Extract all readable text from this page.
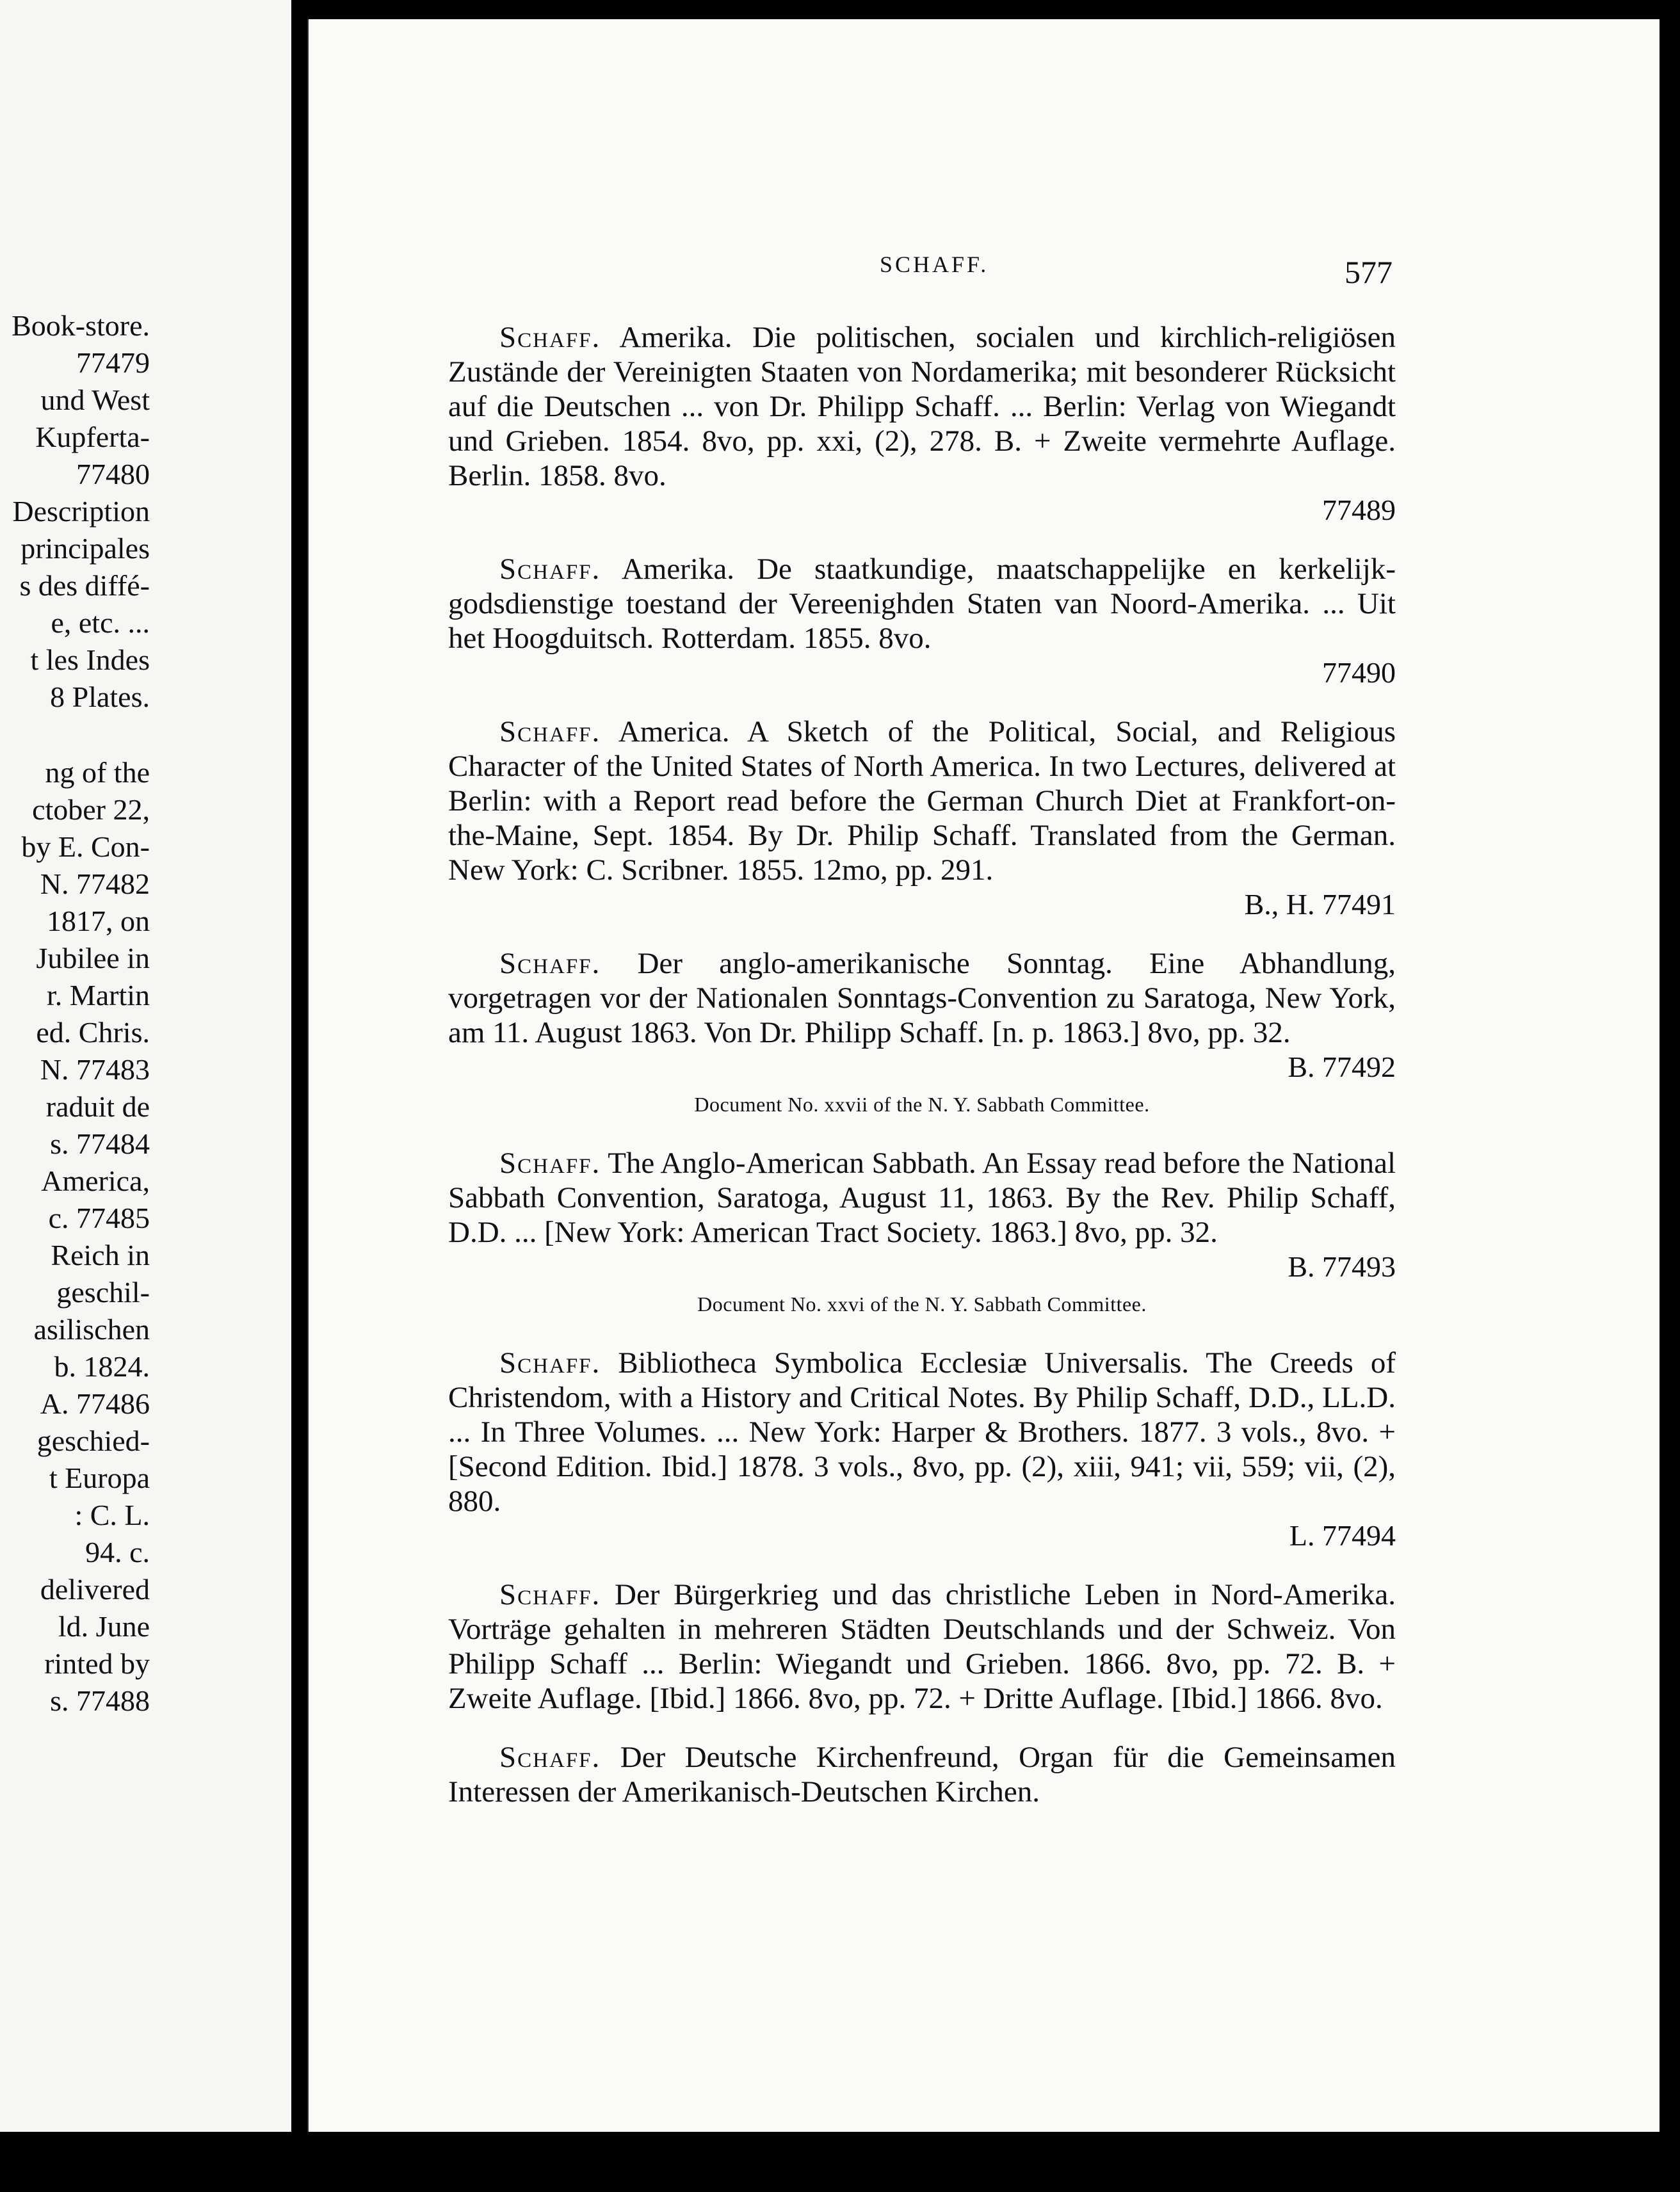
Book-store.
77479
und West
Kupferta-
77480
Description
principales
s des diffé-
e, etc. ...
t les Indes
8 Plates.
ng of the
ctober 22,
by E. Con-
N. 77482
1817, on
Jubilee in
r. Martin
ed. Chris.
N. 77483
raduit de
s. 77484
America,
c. 77485
Reich in
geschil-
asilischen
b. 1824.
A. 77486
geschied-
t Europa
: C. L.
94. c.
delivered
ld. June
rinted by
s. 77488
SCHAFF.	577
Schaff. Amerika. Die politischen, socialen und kirchlich-religiösen Zustände der Vereinigten Staaten von Nordamerika; mit besonderer Rücksicht auf die Deutschen ... von Dr. Philipp Schaff. ... Berlin: Verlag von Wiegandt und Grieben. 1854. 8vo, pp. xxi, (2), 278. B. + Zweite vermehrte Auflage. Berlin. 1858. 8vo.
77489
Schaff. Amerika. De staatkundige, maatschappelijke en kerkelijk-godsdienstige toestand der Vereenighden Staten van Noord-Amerika. ... Uit het Hoogduitsch. Rotterdam. 1855. 8vo.
77490
Schaff. America. A Sketch of the Political, Social, and Religious Character of the United States of North America. In two Lectures, delivered at Berlin: with a Report read before the German Church Diet at Frankfort-on-the-Maine, Sept. 1854. By Dr. Philip Schaff. Translated from the German. New York: C. Scribner. 1855. 12mo, pp. 291.
B., H. 77491
Schaff. Der anglo-amerikanische Sonntag. Eine Abhandlung, vorgetragen vor der Nationalen Sonntags-Convention zu Saratoga, New York, am 11. August 1863. Von Dr. Philipp Schaff. [n. p. 1863.] 8vo, pp. 32.
B. 77492
Document No. xxvii of the N. Y. Sabbath Committee.
Schaff. The Anglo-American Sabbath. An Essay read before the National Sabbath Convention, Saratoga, August 11, 1863. By the Rev. Philip Schaff, D.D. ... [New York: American Tract Society. 1863.] 8vo, pp. 32.
B. 77493
Document No. xxvi of the N. Y. Sabbath Committee.
Schaff. Bibliotheca Symbolica Ecclesiæ Universalis. The Creeds of Christendom, with a History and Critical Notes. By Philip Schaff, D.D., LL.D. ... In Three Volumes. ... New York: Harper & Brothers. 1877. 3 vols., 8vo. + [Second Edition. Ibid.] 1878. 3 vols., 8vo, pp. (2), xiii, 941; vii, 559; vii, (2), 880.
L. 77494
Schaff. Der Bürgerkrieg und das christliche Leben in Nord-Amerika. Vorträge gehalten in mehreren Städten Deutschlands und der Schweiz. Von Philipp Schaff ... Berlin: Wiegandt und Grieben. 1866. 8vo, pp. 72. B. + Zweite Auflage. [Ibid.] 1866. 8vo, pp. 72. + Dritte Auflage. [Ibid.] 1866. 8vo.
Schaff. Der Deutsche Kirchenfreund, Organ für die Gemeinsamen Interessen der Amerikanisch-Deutschen Kirchen.
